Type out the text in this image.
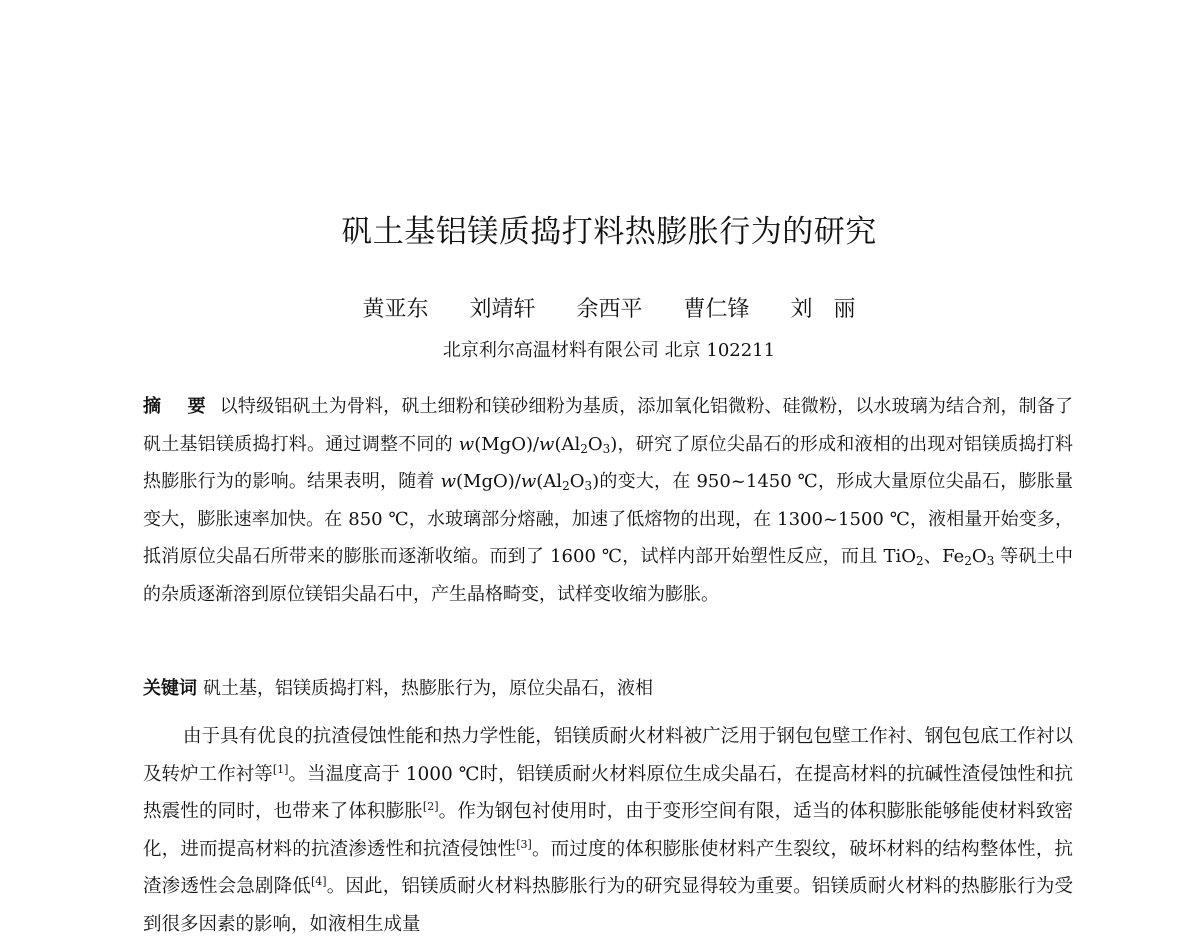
矾土基铝镁质捣打料热膨胀行为的研究
黄亚东 刘靖轩 余西平 曹仁锋 刘 丽
北京利尔高温材料有限公司 北京 102211
摘 要 以特级铝矾土为骨料，矾土细粉和镁砂细粉为基质，添加氧化铝微粉、硅微粉，以水玻璃为结合剂，制备了矾土基铝镁质捣打料。通过调整不同的 $w(MgO)/w(Al_2O_3)$，研究了原位尖晶石的形成和液相的出现对铝镁质捣打料热膨胀行为的影响。结果表明，随着 $w(MgO)/w(Al_2O_3)$的变大，在 950~1450 ℃，形成大量原位尖晶石，膨胀量变大，膨胀速率加快。在 850 ℃，水玻璃部分熔融，加速了低熔物的出现，在 1300~1500 ℃，液相量开始变多，抵消原位尖晶石所带来的膨胀而逐渐收缩。而到了 1600 ℃，试样内部开始塑性反应，而且 TiO$_2$、$Fe_2O_3$ 等矾土中的杂质逐渐溶到原位镁铝尖晶石中，产生晶格畸变，试样变收缩为膨胀。
关键词 矾土基，铝镁质捣打料，热膨胀行为，原位尖晶石，液相
由于具有优良的抗渣侵蚀性能和热力学性能，铝镁质耐火材料被广泛用于钢包包壁工作衬、钢包包底工作衬以及转炉工作衬等[1]。当温度高于 1000 ℃时，铝镁质耐火材料原位生成尖晶石，在提高材料的抗碱性渣侵蚀性和抗热震性的同时，也带来了体积膨胀[2]。作为钢包衬使用时，由于变形空间有限，适当的体积膨胀能够能使材料致密化，进而提高材料的抗渣渗透性和抗渣侵蚀性[3]。而过度的体积膨胀使材料产生裂纹，破坏材料的结构整体性，抗渣渗透性会急剧降低[4]。因此，铝镁质耐火材料热膨胀行为的研究显得较为重要。铝镁质耐火材料的热膨胀行为受到很多因素的影响，如液相生成量
